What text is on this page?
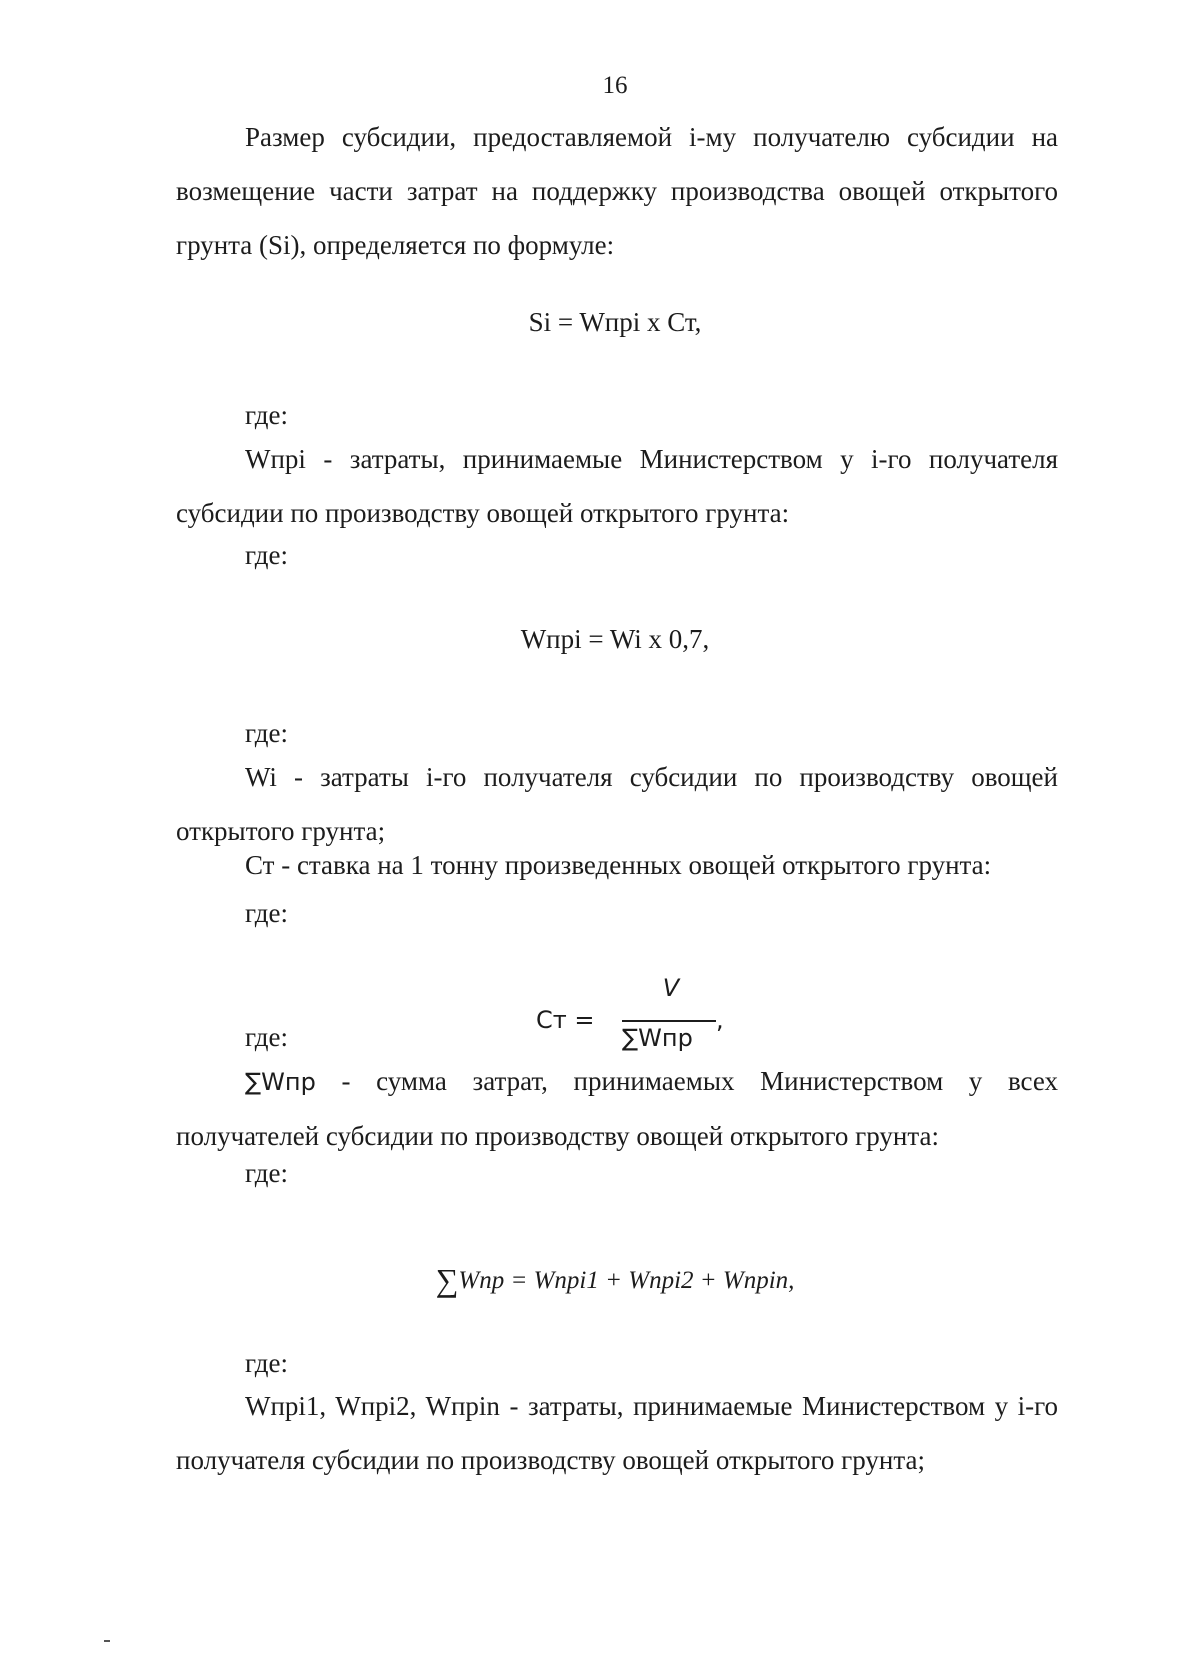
16

Размер субсидии, предоставляемой i-му получателю субсидии на возмещение части затрат на поддержку производства овощей открытого грунта (Si), определяется по формуле:

Si = Wпрi х Ст,
где:

Wпрi - затраты, принимаемые Министерством у i-го получателя субсидии по производству овощей открытого грунта:

где:
Wпрi = Wi х 0,7,
где:

Wi - затраты i-го получателя субсидии по производству овощей открытого грунта;

Ст - ставка на 1 тонну произведенных овощей открытого грунта:

где:
Ст =
V
∑Wпр
,
где:

∑Wпр - сумма затрат, принимаемых Министерством у всех получателей субсидии по производству овощей открытого грунта:

где:
∑Wnp = Wnpi1 + Wnpi2 + Wnpin,
где:

Wпрi1, Wпрi2, Wпрin - затраты, принимаемые Министерством у i-го получателя субсидии по производству овощей открытого грунта;
